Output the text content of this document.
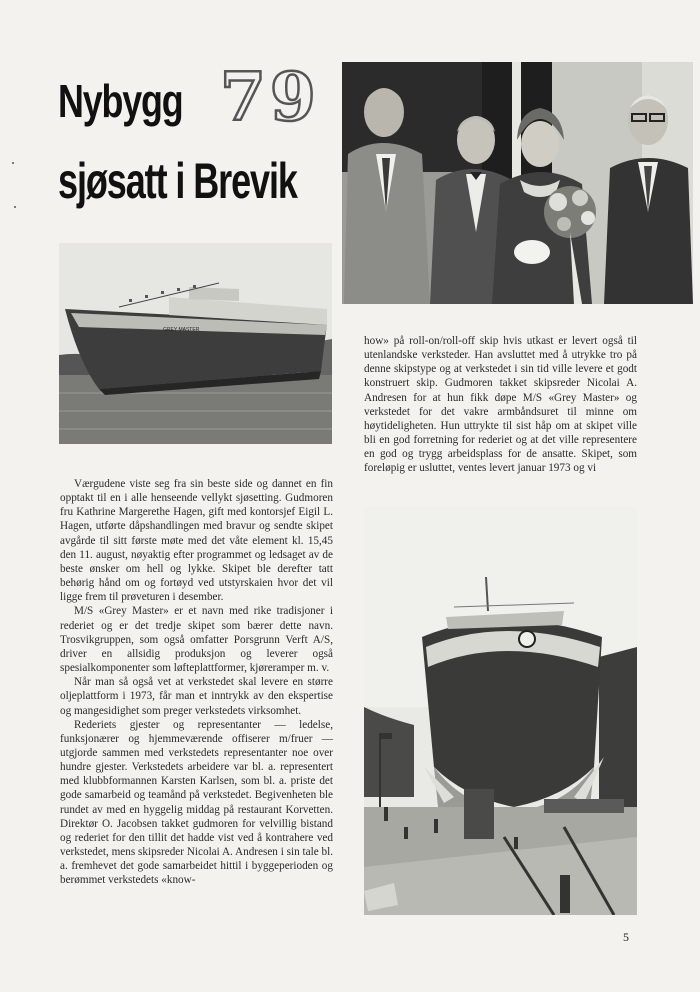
Nybygg 79
sjøsatt i Brevik
GREY MASTER

how» på roll-on/roll-off skip hvis utkast er levert også til utenlandske verksteder. Han avsluttet med å utrykke tro på denne skipstype og at verkstedet i sin tid ville levere et godt konstruert skip. Gudmoren takket skipsreder Nicolai A. Andresen for at hun fikk døpe M/S «Grey Master» og verkstedet for det vakre armbåndsuret til minne om høytideligheten. Hun uttrykte til sist håp om at skipet ville bli en god forretning for rederiet og at det ville representere en god og trygg arbeidsplass for de ansatte. Skipet, som foreløpig er usluttet, ventes levert januar 1973 og vi

Værgudene viste seg fra sin beste side og dannet en fin opptakt til en i alle henseende vellykt sjøsetting. Gudmoren fru Kathrine Margerethe Hagen, gift med kontorsjef Eigil L. Hagen, utførte dåpshandlingen med bravur og sendte skipet avgårde til sitt første møte med det våte element kl. 15,45 den 11. august, nøyaktig efter programmet og ledsaget av de beste ønsker om hell og lykke. Skipet ble derefter tatt behørig hånd om og fortøyd ved utstyrskaien hvor det vil ligge frem til prøveturen i desember.

M/S «Grey Master» er et navn med rike tradisjoner i rederiet og er det tredje skipet som bærer dette navn. Trosvikgruppen, som også omfatter Porsgrunn Verft A/S, driver en allsidig produksjon og leverer også spesialkomponenter som løfteplattformer, kjøreramper m. v.

Når man så også vet at verkstedet skal levere en større oljeplattform i 1973, får man et inntrykk av den ekspertise og mangesidighet som preger verkstedets virksomhet.

Rederiets gjester og representanter — ledelse, funksjonærer og hjemmeværende offiserer m/fruer — utgjorde sammen med verkstedets representanter noe over hundre gjester. Verkstedets arbeidere var bl. a. representert med klubbformannen Karsten Karlsen, som bl. a. priste det gode samarbeid og teamånd på verkstedet. Begivenheten ble rundet av med en hyggelig middag på restaurant Korvetten. Direktør O. Jacobsen takket gudmoren for velvillig bistand og rederiet for den tillit det hadde vist ved å kontrahere ved verkstedet, mens skipsreder Nicolai A. Andresen i sin tale bl. a. fremhevet det gode samarbeidet hittil i byggeperioden og berømmet verkstedets «know-

5
